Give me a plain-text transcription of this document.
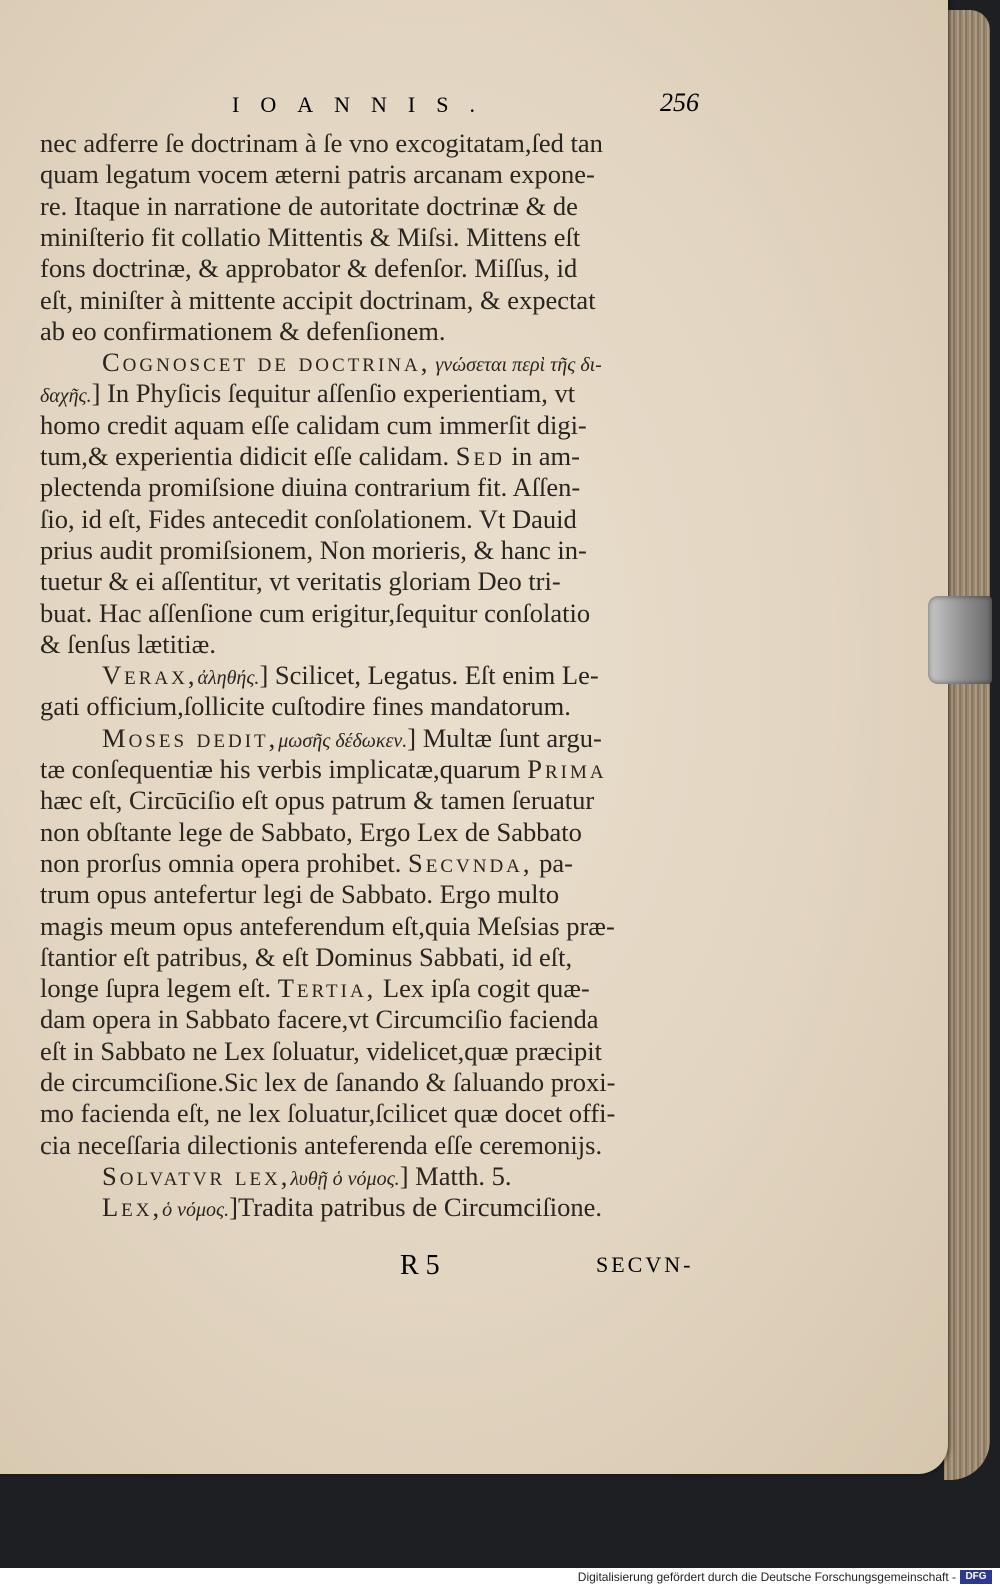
IOANNIS.	256
nec adferre ſe doctrinam à ſe vno excogitatam,ſed tan
quam legatum vocem æterni patris arcanam expone-
re. Itaque in narratione de autoritate doctrinæ & de
miniſterio fit collatio Mittentis & Miſsi. Mittens eſt
fons doctrinæ, & approbator & defenſor. Miſſus, id
eſt, miniſter à mittente accipit doctrinam, & expectat
ab eo confirmationem & defenſionem.
Cognoscet de doctrina, γνώσεται περὶ τῆς δι-
δαχῆς.] In Phyſicis ſequitur aſſenſio experientiam, vt
homo credit aquam eſſe calidam cum immerſit digi-
tum,& experientia didicit eſſe calidam. Sed in am-
plectenda promiſsione diuina contrarium fit. Aſſen-
ſio, id eſt, Fides antecedit conſolationem. Vt Dauid
prius audit promiſsionem, Non morieris, & hanc in-
tuetur & ei aſſentitur, vt veritatis gloriam Deo tri-
buat. Hac aſſenſione cum erigitur,ſequitur conſolatio
& ſenſus lætitiæ.
Verax,ἀληθής.] Scilicet, Legatus. Eſt enim Le-
gati officium,ſollicite cuſtodire fines mandatorum.
Moses dedit,μωσῆς δέδωκεν.] Multæ ſunt argu-
tæ conſequentiæ his verbis implicatæ,quarum Prima
hæc eſt, Circūciſio eſt opus patrum & tamen ſeruatur
non obſtante lege de Sabbato, Ergo Lex de Sabbato
non prorſus omnia opera prohibet. Secvnda, pa-
trum opus antefertur legi de Sabbato. Ergo multo
magis meum opus anteferendum eſt,quia Meſsias præ-
ſtantior eſt patribus, & eſt Dominus Sabbati, id eſt,
longe ſupra legem eſt. Tertia, Lex ipſa cogit quæ-
dam opera in Sabbato facere,vt Circumciſio facienda
eſt in Sabbato ne Lex ſoluatur, videlicet,quæ præcipit
de circumciſione.Sic lex de ſanando & ſaluando proxi-
mo facienda eſt, ne lex ſoluatur,ſcilicet quæ docet offi-
cia neceſſaria dilectionis anteferenda eſſe ceremonijs.
Solvatvr lex,λυθῇ ὁ νόμος.] Matth. 5.
Lex,ὁ νόμος.]Tradita patribus de Circumciſione.
R 5	SECVN-
Digitalisierung gefördert durch die Deutsche Forschungsgemeinschaft - DFG
